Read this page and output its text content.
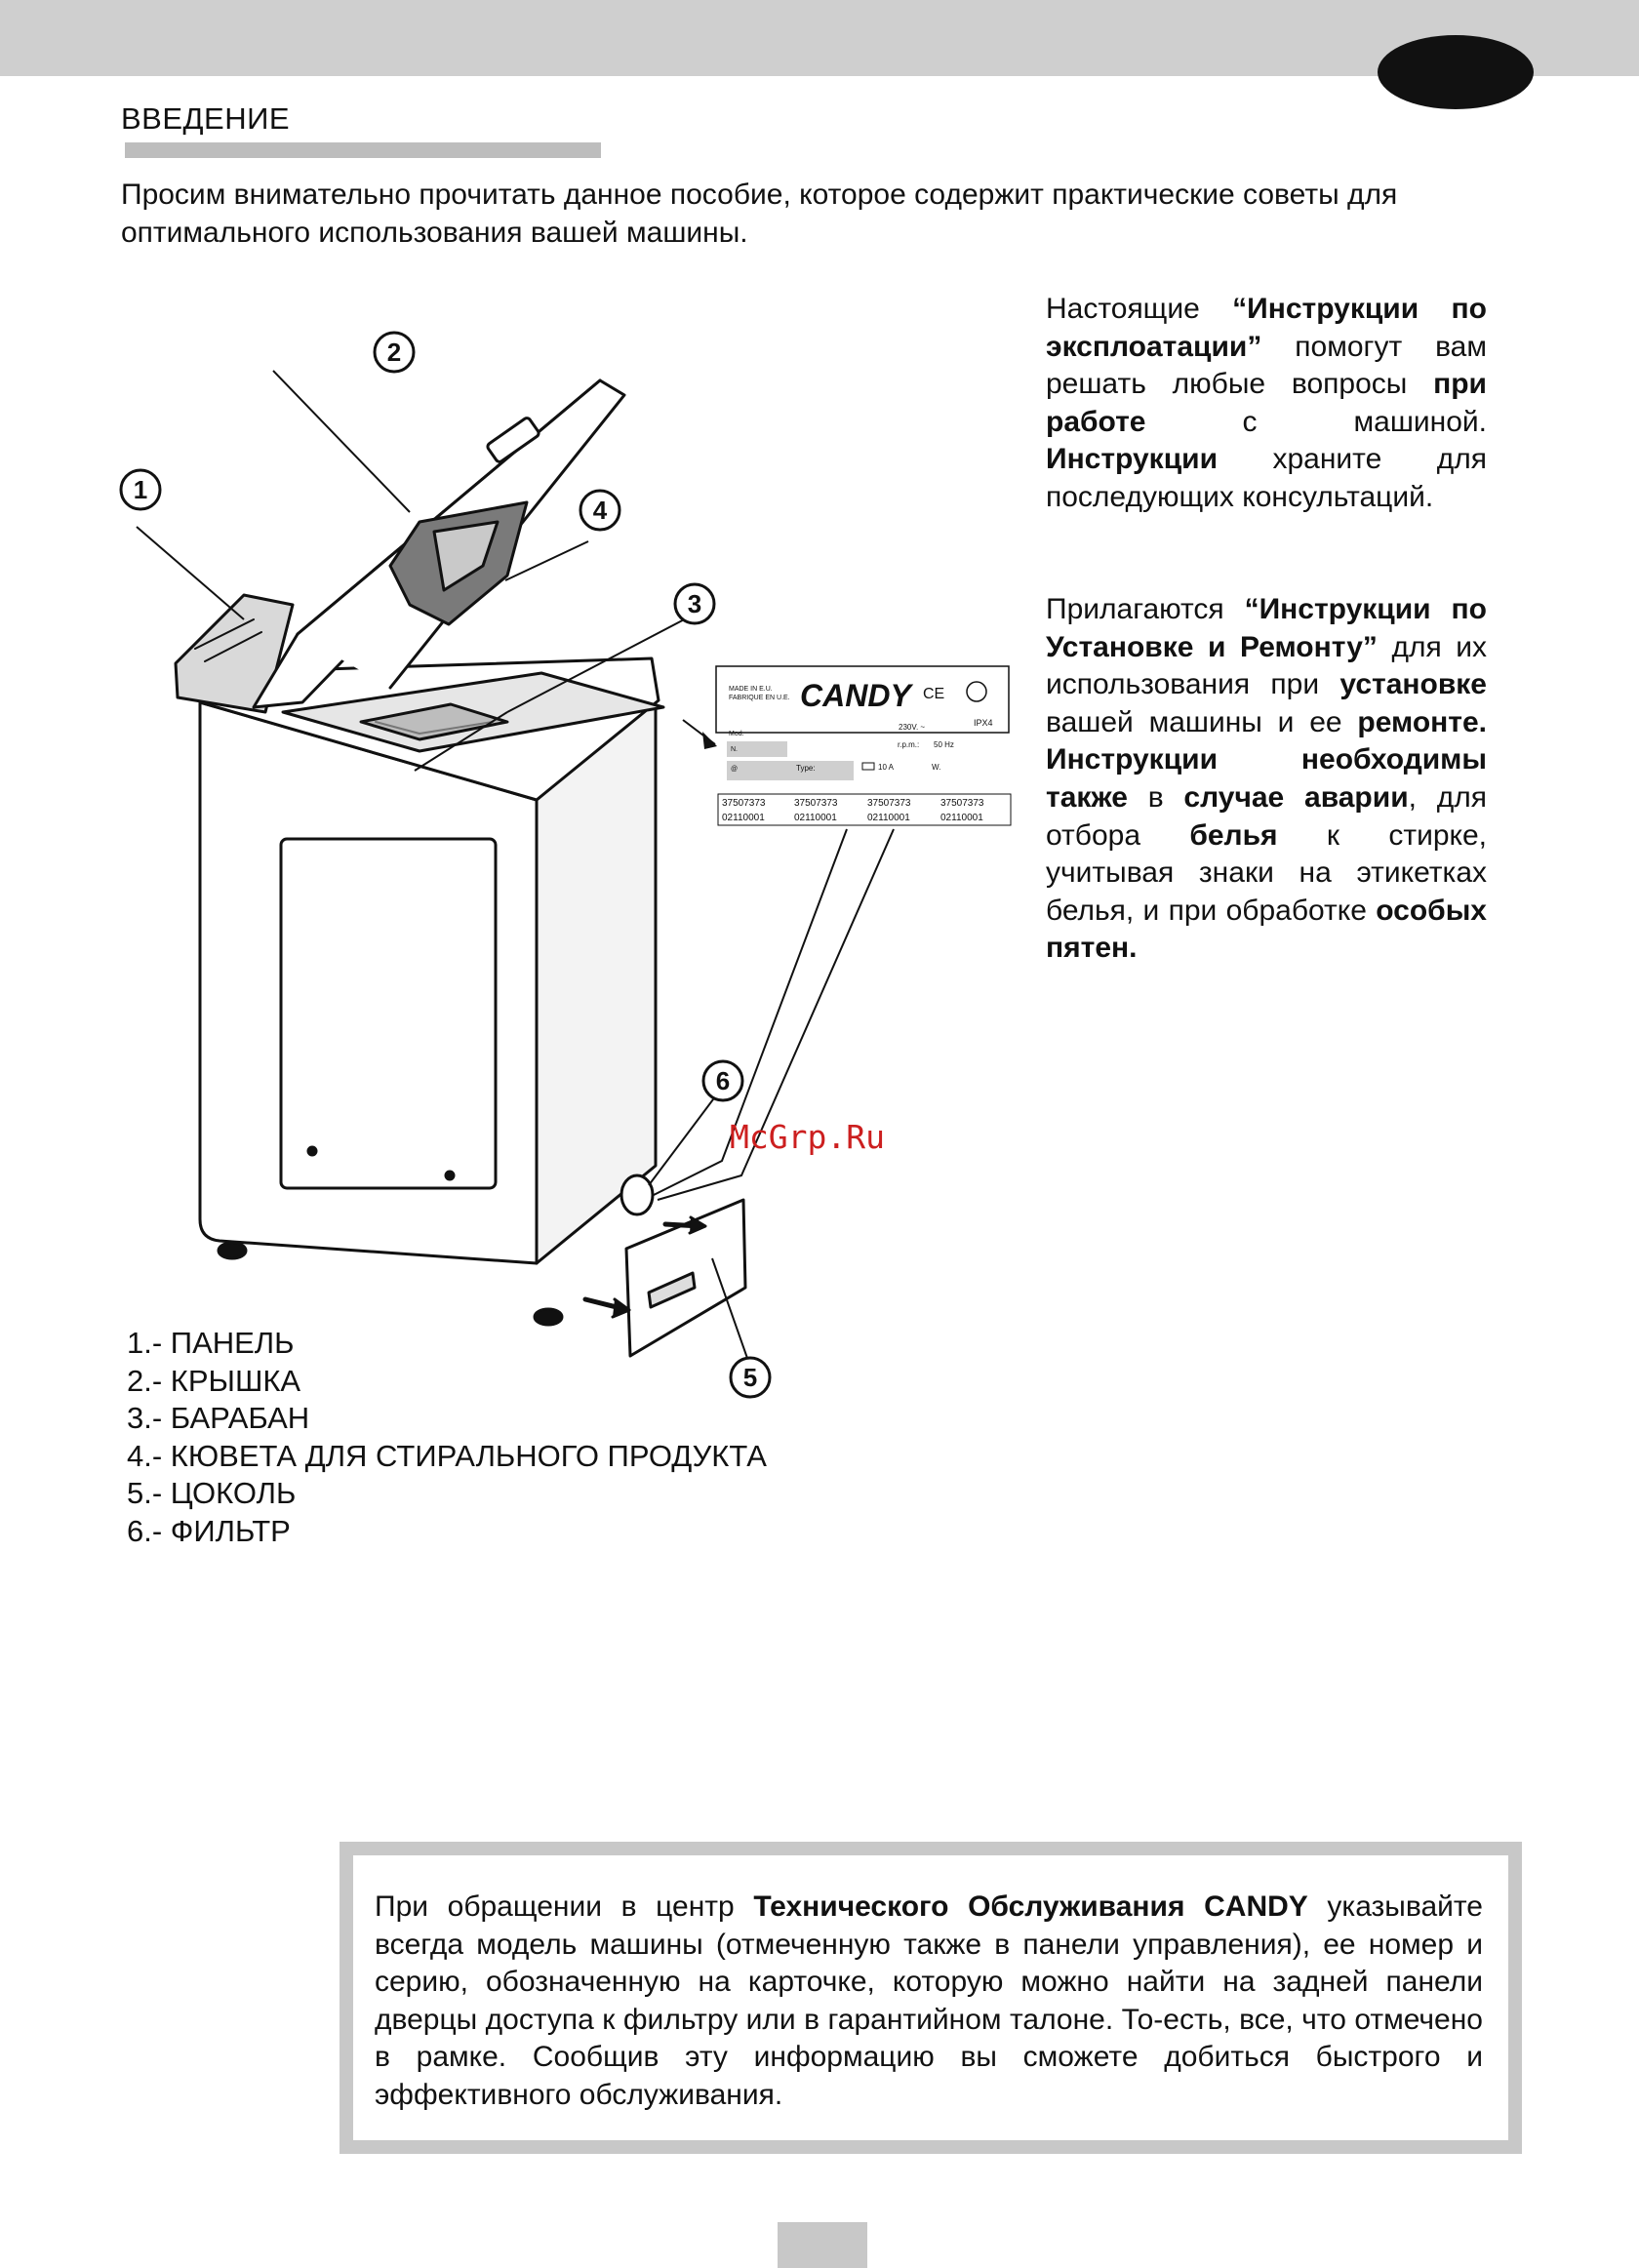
ВВЕДЕНИЕ

Просим внимательно прочитать данное пособие, которое содержит практические советы для оптимального использования вашей машины.

Настоящие “Инструкции по эксплоатации” помогут вам решать любые вопросы при работе с машиной. Инструкции храните для последующих консультаций.

Прилагаются “Инструкции по Установке и Ремонту” для их использования при установке вашей машины и ее ремонте. Инструкции необходимы также в случае аварии, для отбора белья к стирке, учитывая знаки на этикетках белья, и при обработке особых пятен.

1
2
3
4
5
6
MADE IN E.U.
FABRIQUE EN U.E. CANDY CE
Mod.
N.
230V. ~	IPX4
r.p.m.: 50 Hz
@	Type:	10 A	W.
37507373	37507373	37507373	37507373
02110001	02110001	02110001	02110001
McGrp.Ru
1.- ПАНЕЛЬ
2.- КРЫШКА
3.- БАРАБАН
4.- КЮВЕТА ДЛЯ СТИРАЛЬНОГО ПРОДУКТА
5.- ЦОКОЛЬ
6.- ФИЛЬТР

При обращении в центр Технического Обслуживания CANDY указывайте всегда модель машины (отмеченную также в панели управления), ее номер и серию, обозначенную на карточке, которую можно найти на задней панели дверцы доступа к фильтру или в гарантийном талоне. То-есть, все, что отмечено в рамке. Сообщив эту информацию вы сможете добиться быстрого и эффективного обслуживания.
